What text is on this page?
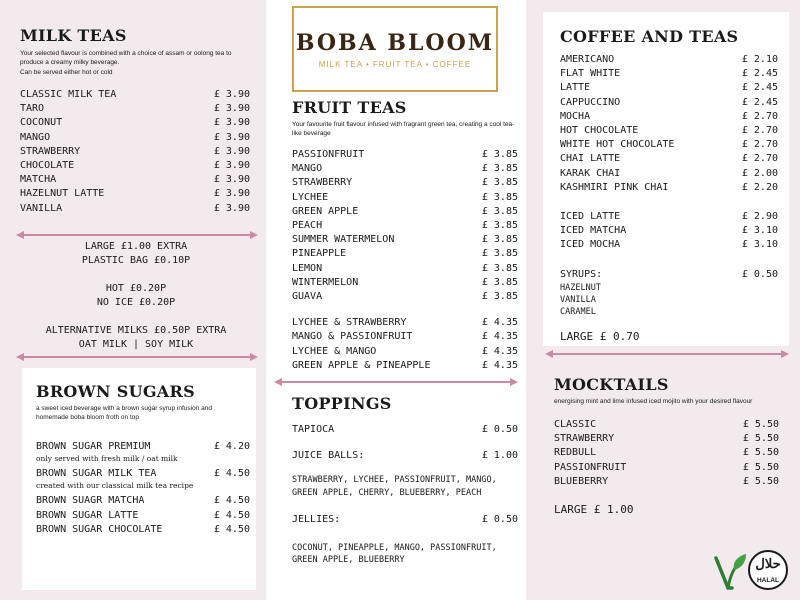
MILK TEAS
Your selected flavour is combined with a choice of assam or oolong tea to produce a creamy milky beverage.
Can be served either hot or cold
CLASSIC MILK TEA	£ 3.90
TARO	£ 3.90
COCONUT	£ 3.90
MANGO	£ 3.90
STRAWBERRY	£ 3.90
CHOCOLATE	£ 3.90
MATCHA	£ 3.90
HAZELNUT LATTE	£ 3.90
VANILLA	£ 3.90
LARGE £1.00 EXTRA
PLASTIC BAG £0.10P
HOT £0.20P
NO ICE £0.20P
ALTERNATIVE MILKS £0.50P EXTRA
OAT MILK | SOY MILK
BROWN SUGARS
a sweet iced beverage with a brown sugar syrup infusion and homemade boba bloom froth on top
BROWN SUGAR PREMIUM	£ 4.20
only served with fresh milk / oat milk
BROWN SUGAR MILK TEA	£ 4.50
created with our classical milk tea recipe
BROWN SUAGR MATCHA	£ 4.50
BROWN SUGAR LATTE	£ 4.50
BROWN SUGAR CHOCOLATE	£ 4.50
BOBA BLOOM
MILK TEA • FRUIT TEA • COFFEE
FRUIT TEAS
Your favourite fruit flavour infused with fragrant green tea, creating a cool tea-like beverage
PASSIONFRUIT	£ 3.85
MANGO	£ 3.85
STRAWBERRY	£ 3.85
LYCHEE	£ 3.85
GREEN APPLE	£ 3.85
PEACH	£ 3.85
SUMMER WATERMELON	£ 3.85
PINEAPPLE	£ 3.85
LEMON	£ 3.85
WINTERMELON	£ 3.85
GUAVA	£ 3.85
LYCHEE & STRAWBERRY	£ 4.35
MANGO & PASSIONFRUIT	£ 4.35
LYCHEE & MANGO	£ 4.35
GREEN APPLE & PINEAPPLE	£ 4.35
TOPPINGS
TAPIOCA	£ 0.50
JUICE BALLS:	£ 1.00
STRAWBERRY, LYCHEE, PASSIONFRUIT, MANGO, GREEN APPLE, CHERRY, BLUEBERRY, PEACH
JELLIES:	£ 0.50
COCONUT, PINEAPPLE, MANGO, PASSIONFRUIT, GREEN APPLE, BLUEBERRY
COFFEE AND TEAS
AMERICANO	£ 2.10
FLAT WHITE	£ 2.45
LATTE	£ 2.45
CAPPUCCINO	£ 2.45
MOCHA	£ 2.70
HOT CHOCOLATE	£ 2.70
WHITE HOT CHOCOLATE	£ 2.70
CHAI LATTE	£ 2.70
KARAK CHAI	£ 2.00
KASHMIRI PINK CHAI	£ 2.20
ICED LATTE	£ 2.90
ICED MATCHA	£ 3.10
ICED MOCHA	£ 3.10
SYRUPS:	£ 0.50
HAZELNUT
VANILLA
CARAMEL
LARGE £ 0.70
MOCKTAILS
energising mint and lime infused iced mojito with your desired flavour
CLASSIC	£ 5.50
STRAWBERRY	£ 5.50
REDBULL	£ 5.50
PASSIONFRUIT	£ 5.50
BLUEBERRY	£ 5.50
LARGE £ 1.00
حلال
HALAL
